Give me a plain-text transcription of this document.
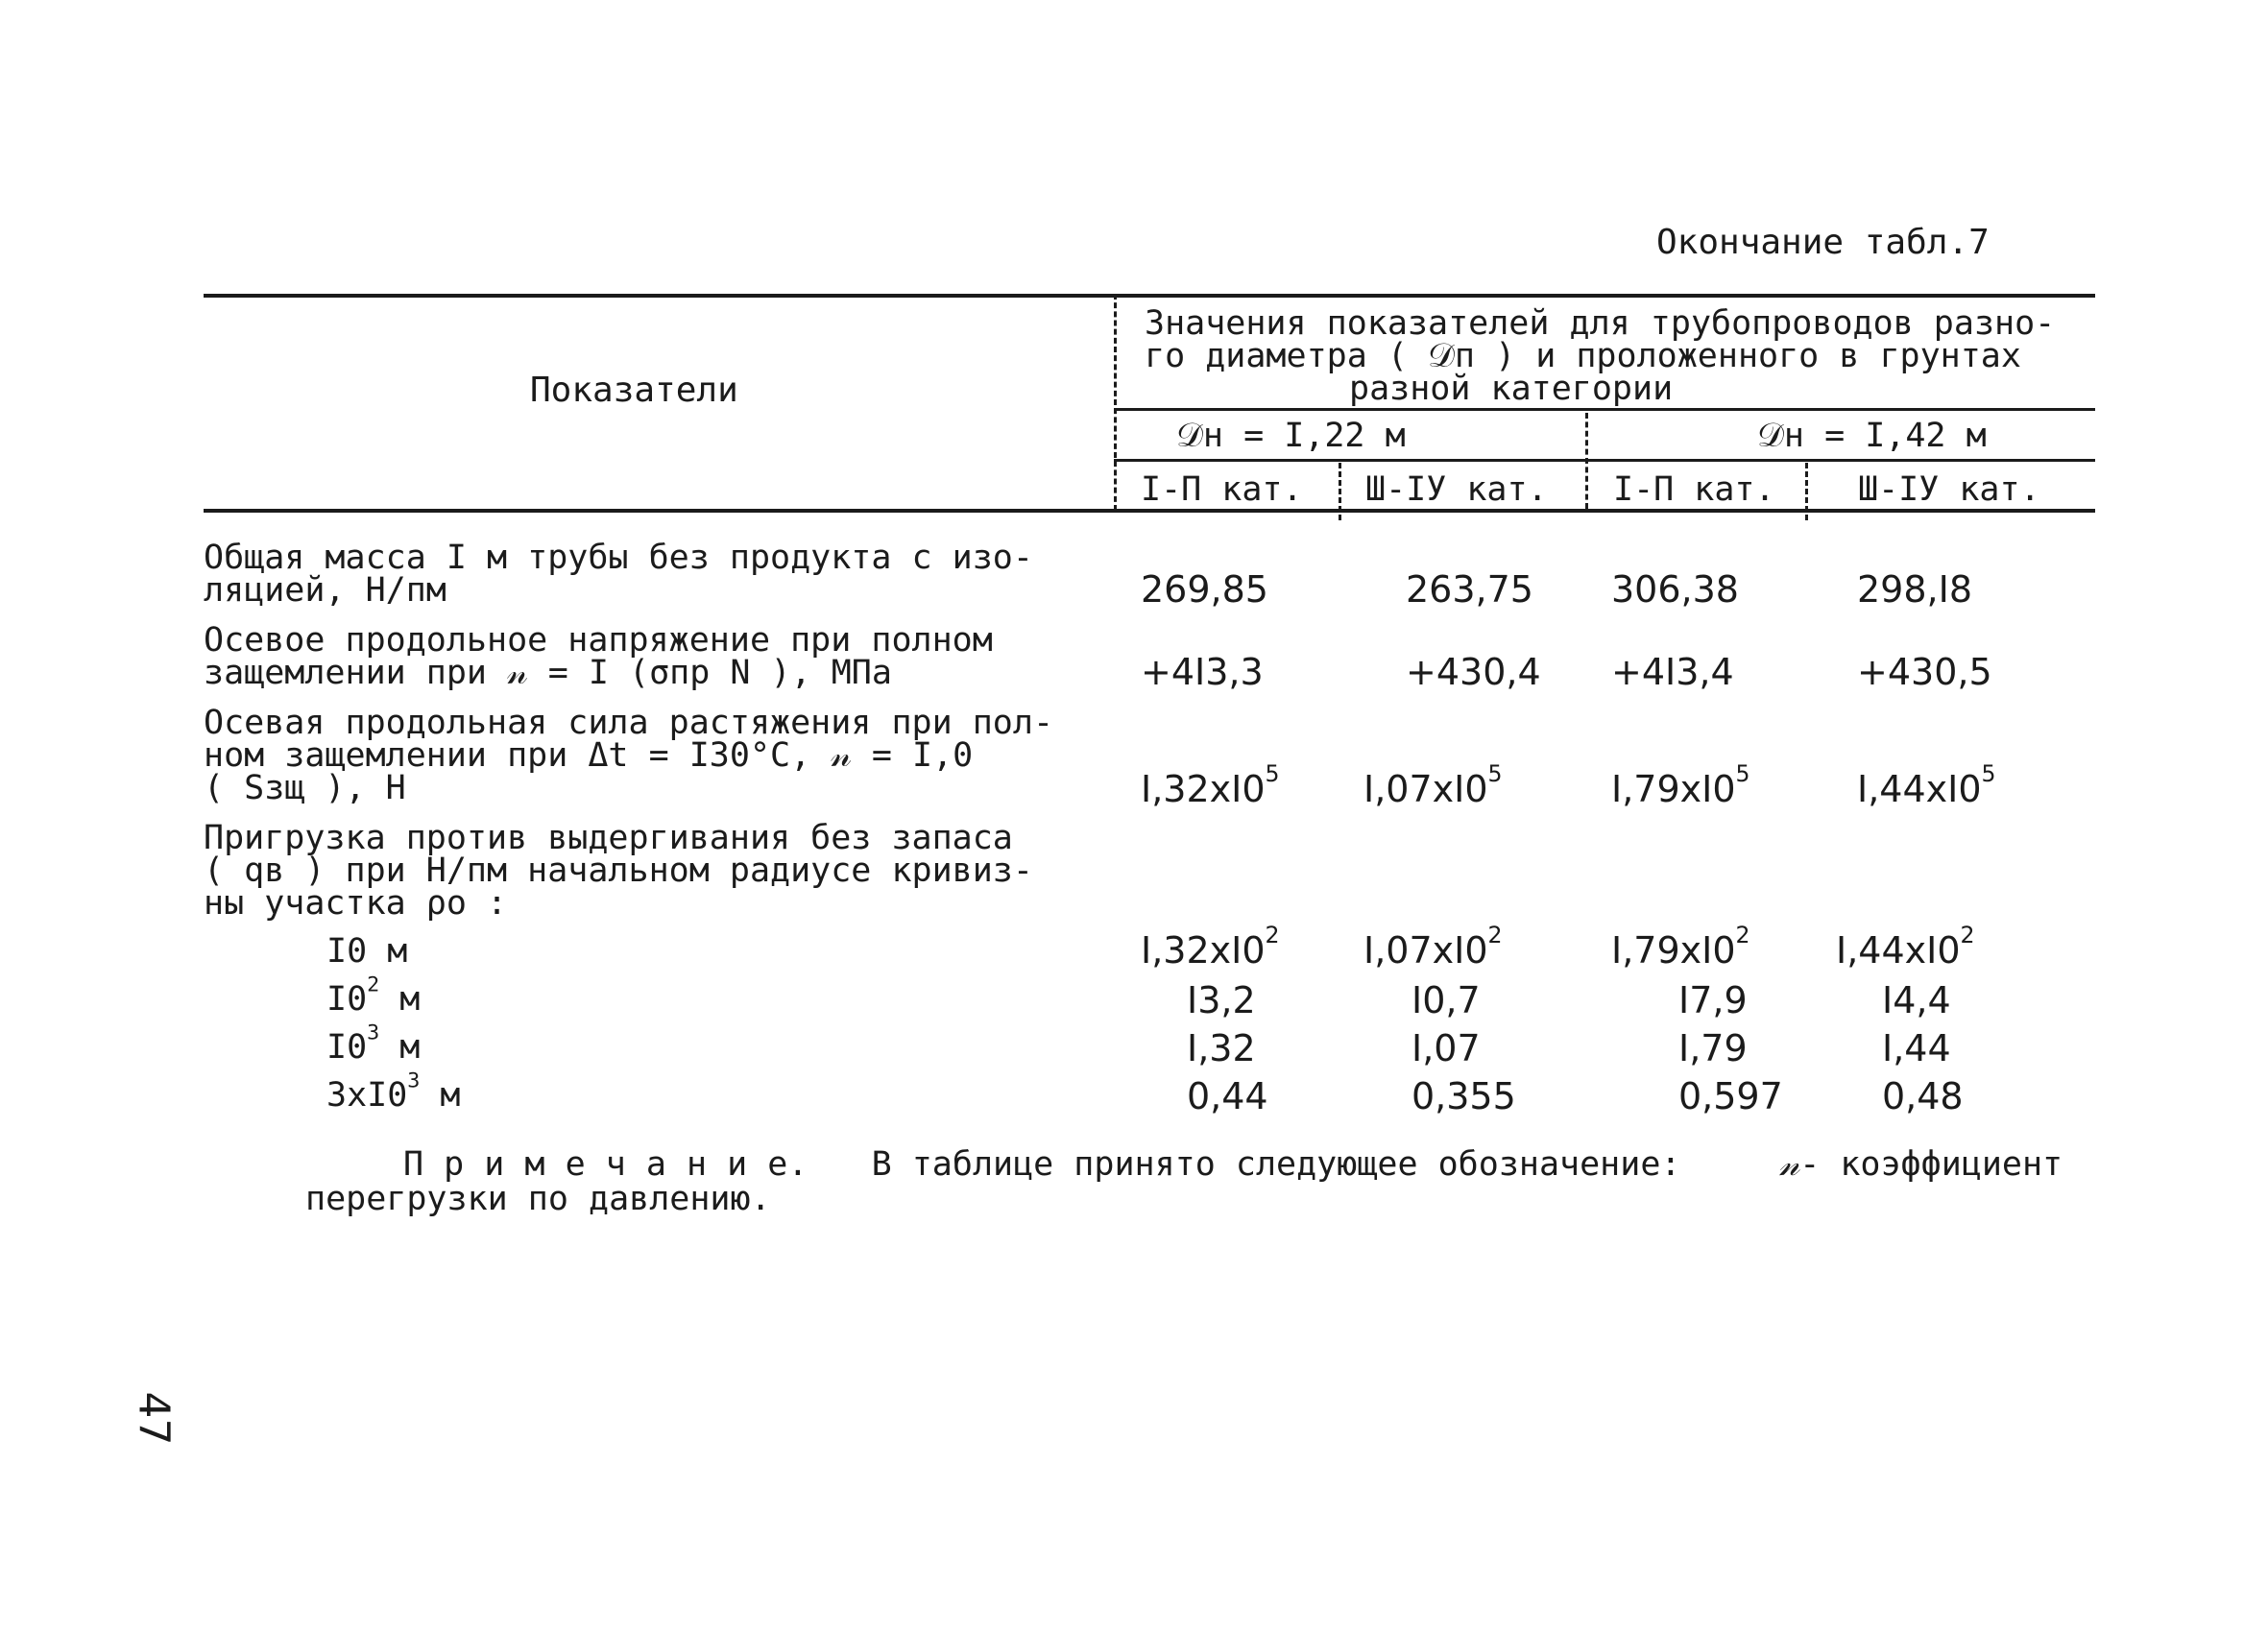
Окончание табл.7
Показатели
Значения показателей для трубопроводов разно-
го диаметра ( 𝒟п ) и проложенного в грунтах
разной категории
𝒟н = I,22 м	𝒟н = I,42 м
I-П кат. Ш-IУ кат. I-П кат. Ш-IУ кат.
Общая масса I м трубы без продукта с изо-
ляцией, Н/пм	269,85	263,75 306,38	298,I8
Осевое продольное напряжение при полном
защемлении при 𝓃 = I (σпр N ), МПа	+4I3,3	+430,4 +4I3,4	+430,5
Осевая продольная сила растяжения при пол-
ном защемлении при Δt = I30°C, 𝓃 = I,0
( Sзщ ), Н	$I,32xI0^5$ $I,07xI0^5$	$I,79xI0^5$	$I,44xI0^5$
Пригрузка против выдергивания без запаса
( qв ) при Н/пм начальном радиусе кривиз-
ны участка ρo :
I0 м	$I,32xI0^2$ $I,07xI0^2$	$I,79xI0^2$ $I,44xI0^2$
$I0^2$ м	I3,2	I0,7	I7,9	I4,4
$I0^3$ м	I,32	I,07	I,79	I,44
$3xI0^3$ м	0,44	0,355	0,597	0,48
П р и м е ч а н и е. В таблице принято следующее обозначение:	𝓃- коэффициент
перегрузки по давлению.
47
